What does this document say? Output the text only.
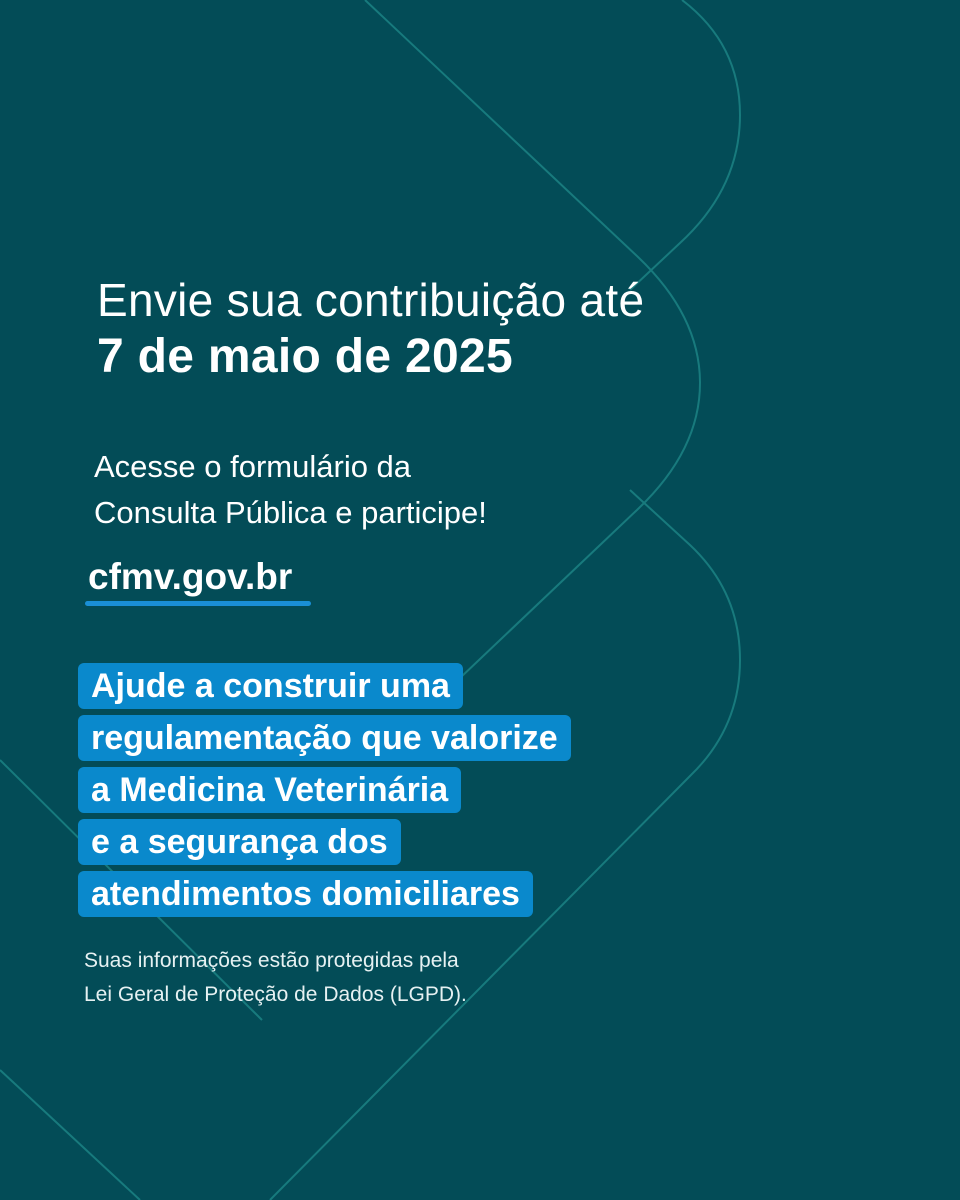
Envie sua contribuição até
7 de maio de 2025
Acesse o formulário da
Consulta Pública e participe!
cfmv.gov.br
Ajude a construir uma
regulamentação que valorize
a Medicina Veterinária
e a segurança dos
atendimentos domiciliares
Suas informações estão protegidas pela
Lei Geral de Proteção de Dados (LGPD).
